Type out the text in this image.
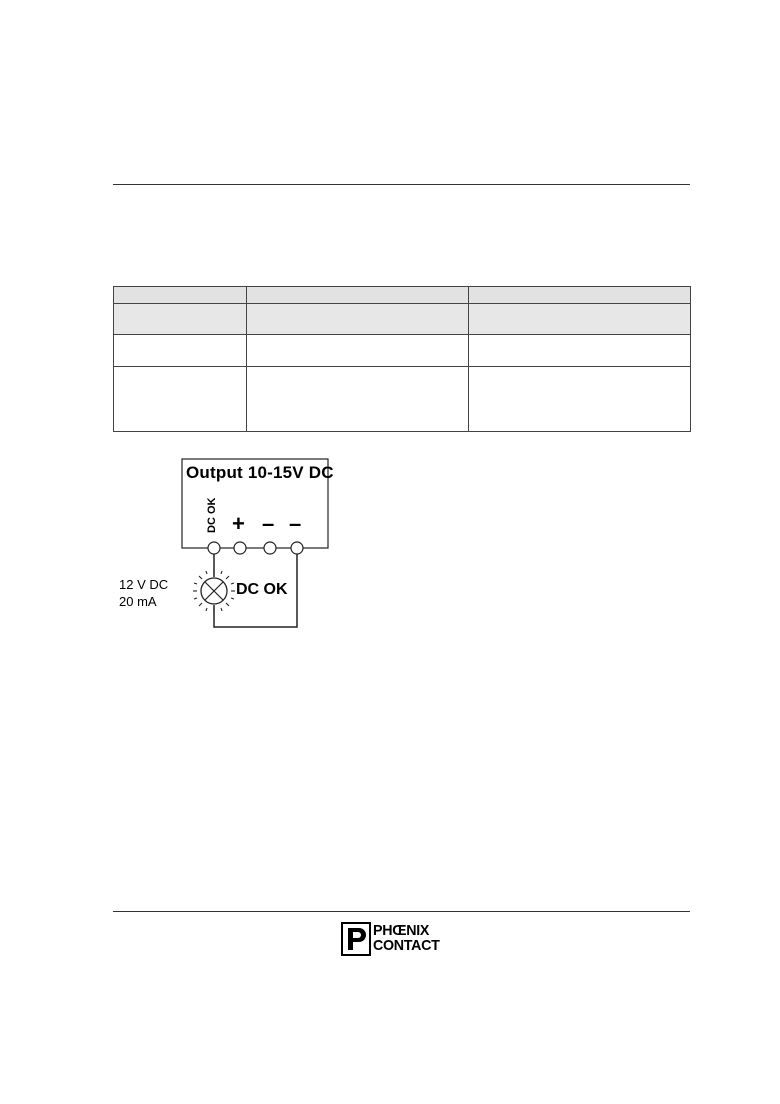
Output 10-15V DC
DC OK + – –
DC OK
12 V DC
20 mA
PHŒNIX
CONTACT
